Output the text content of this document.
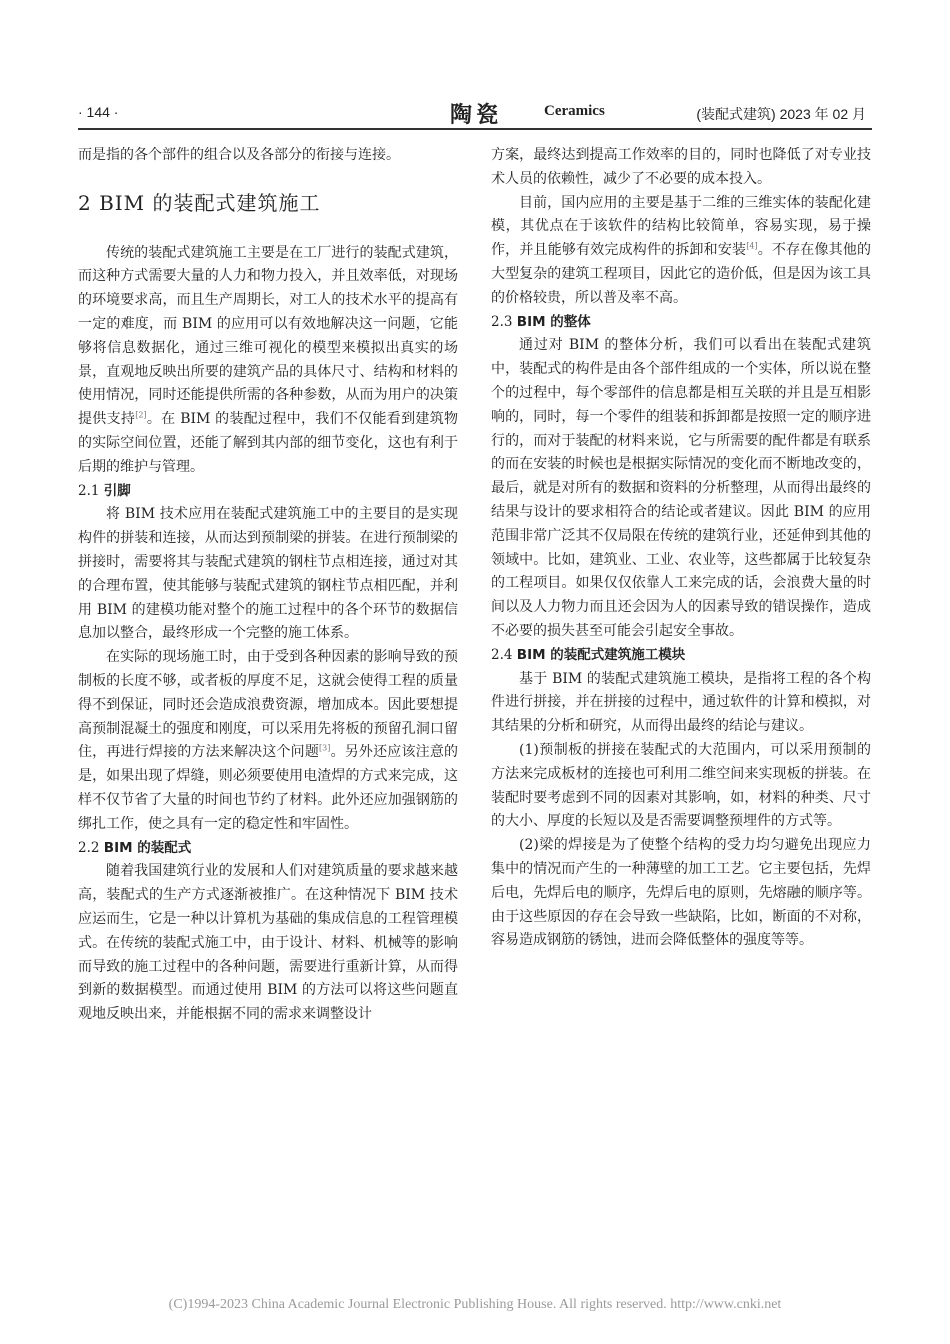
· 144 ·	陶瓷	Ceramics	(装配式建筑) 2023 年 02 月

而是指的各个部件的组合以及各部分的衔接与连接。

2 BIM 的装配式建筑施工

传统的装配式建筑施工主要是在工厂进行的装配式建筑，而这种方式需要大量的人力和物力投入，并且效率低，对现场的环境要求高，而且生产周期长，对工人的技术水平的提高有一定的难度，而 BIM 的应用可以有效地解决这一问题，它能够将信息数据化，通过三维可视化的模型来模拟出真实的场景，直观地反映出所要的建筑产品的具体尺寸、结构和材料的使用情况，同时还能提供所需的各种参数，从而为用户的决策提供支持[2]。在 BIM 的装配过程中，我们不仅能看到建筑物的实际空间位置，还能了解到其内部的细节变化，这也有利于后期的维护与管理。

2.1 引脚

将 BIM 技术应用在装配式建筑施工中的主要目的是实现构件的拼装和连接，从而达到预制梁的拼装。在进行预制梁的拼接时，需要将其与装配式建筑的钢柱节点相连接，通过对其的合理布置，使其能够与装配式建筑的钢柱节点相匹配，并利用 BIM 的建模功能对整个的施工过程中的各个环节的数据信息加以整合，最终形成一个完整的施工体系。

在实际的现场施工时，由于受到各种因素的影响导致的预制板的长度不够，或者板的厚度不足，这就会使得工程的质量得不到保证，同时还会造成浪费资源，增加成本。因此要想提高预制混凝土的强度和刚度，可以采用先将板的预留孔洞口留住，再进行焊接的方法来解决这个问题[3]。另外还应该注意的是，如果出现了焊缝，则必须要使用电渣焊的方式来完成，这样不仅节省了大量的时间也节约了材料。此外还应加强钢筋的绑扎工作，使之具有一定的稳定性和牢固性。

2.2 BIM 的装配式

随着我国建筑行业的发展和人们对建筑质量的要求越来越高，装配式的生产方式逐渐被推广。在这种情况下 BIM 技术应运而生，它是一种以计算机为基础的集成信息的工程管理模式。在传统的装配式施工中，由于设计、材料、机械等的影响而导致的施工过程中的各种问题，需要进行重新计算，从而得到新的数据模型。而通过使用 BIM 的方法可以将这些问题直观地反映出来，并能根据不同的需求来调整设计

方案，最终达到提高工作效率的目的，同时也降低了对专业技术人员的依赖性，减少了不必要的成本投入。

目前，国内应用的主要是基于二维的三维实体的装配化建模，其优点在于该软件的结构比较简单，容易实现，易于操作，并且能够有效完成构件的拆卸和安装[4]。不存在像其他的大型复杂的建筑工程项目，因此它的造价低，但是因为该工具的价格较贵，所以普及率不高。

2.3 BIM 的整体

通过对 BIM 的整体分析，我们可以看出在装配式建筑中，装配式的构件是由各个部件组成的一个实体，所以说在整个的过程中，每个零部件的信息都是相互关联的并且是互相影响的，同时，每一个零件的组装和拆卸都是按照一定的顺序进行的，而对于装配的材料来说，它与所需要的配件都是有联系的而在安装的时候也是根据实际情况的变化而不断地改变的，最后，就是对所有的数据和资料的分析整理，从而得出最终的结果与设计的要求相符合的结论或者建议。因此 BIM 的应用范围非常广泛其不仅局限在传统的建筑行业，还延伸到其他的领域中。比如，建筑业、工业、农业等，这些都属于比较复杂的工程项目。如果仅仅依靠人工来完成的话，会浪费大量的时间以及人力物力而且还会因为人的因素导致的错误操作，造成不必要的损失甚至可能会引起安全事故。

2.4 BIM 的装配式建筑施工模块

基于 BIM 的装配式建筑施工模块，是指将工程的各个构件进行拼接，并在拼接的过程中，通过软件的计算和模拟，对其结果的分析和研究，从而得出最终的结论与建议。

(1)预制板的拼接在装配式的大范围内，可以采用预制的方法来完成板材的连接也可利用二维空间来实现板的拼装。在装配时要考虑到不同的因素对其影响，如，材料的种类、尺寸的大小、厚度的长短以及是否需要调整预埋件的方式等。

(2)梁的焊接是为了使整个结构的受力均匀避免出现应力集中的情况而产生的一种薄壁的加工工艺。它主要包括，先焊后电，先焊后电的顺序，先焊后电的原则，先熔融的顺序等。由于这些原因的存在会导致一些缺陷，比如，断面的不对称，容易造成钢筋的锈蚀，进而会降低整体的强度等等。

(C)1994-2023 China Academic Journal Electronic Publishing House. All rights reserved. http://www.cnki.net
